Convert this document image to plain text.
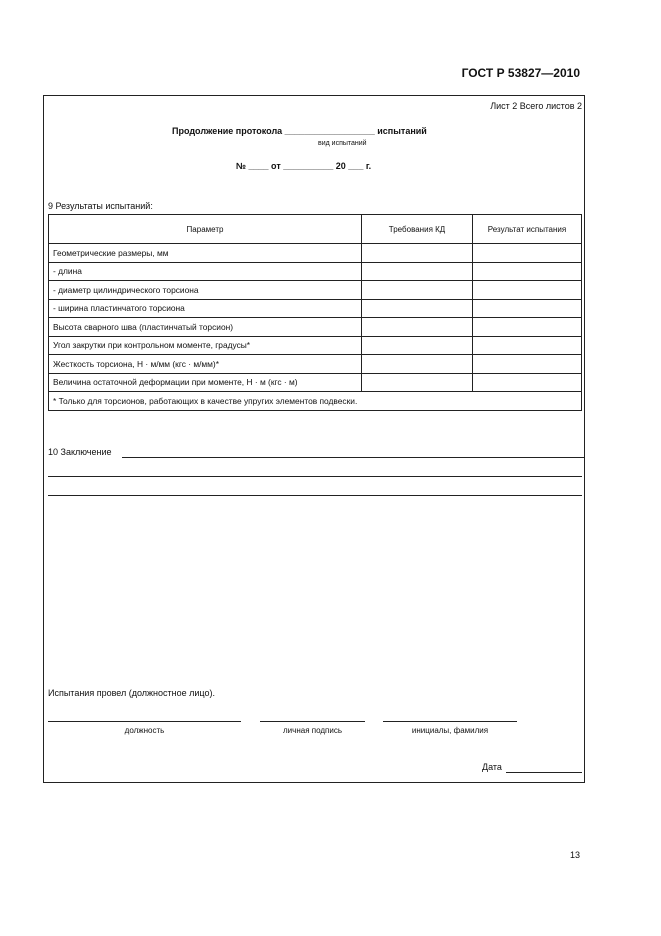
ГОСТ Р 53827—2010
Лист 2 Всего листов 2
Продолжение протокола __________________ испытаний
вид испытаний
№ ____ от __________ 20 ___ г.
9 Результаты испытаний:
Параметр	Требования КД	Результат испытания
Геометрические размеры, мм		
- длина		
- диаметр цилиндрического торсиона		
- ширина пластинчатого торсиона		
Высота сварного шва (пластинчатый торсион)		
Угол закрутки при контрольном моменте, градусы*		
Жесткость торсиона, Н · м/мм (кгс · м/мм)*		
Величина остаточной деформации при моменте, Н · м (кгс · м)		
* Только для торсионов, работающих в качестве упругих элементов подвески.		
10 Заключение
Испытания провел (должностное лицо).
должность	личная подпись	инициалы, фамилия
Дата
13
